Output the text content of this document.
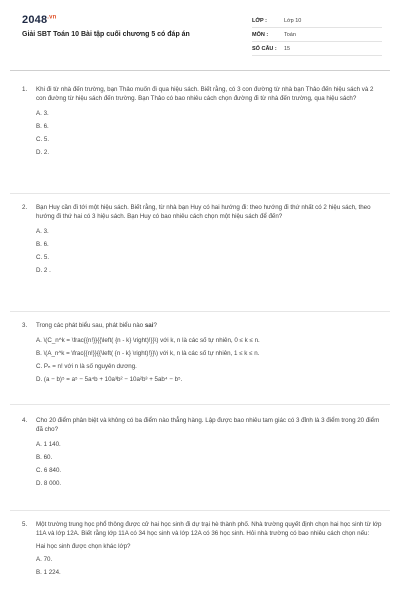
$2048^{.vn}$
Giải SBT Toán 10 Bài tập cuối chương 5 có đáp án
LỚP :	Lớp 10
MÔN :	Toán
SỐ CÂU :	15
1.	Khi đi từ nhà đến trường, bạn Thảo muốn đi qua hiệu sách. Biết rằng, có 3 con đường từ nhà bạn Thảo đến hiệu sách và 2 con đường từ hiệu sách đến trường. Bạn Thảo có bao nhiêu cách chọn đường đi từ nhà đến trường, qua hiệu sách?
A. 3.
B. 6.
C. 5.
D. 2.
2.	Bạn Huy cần đi tới một hiệu sách. Biết rằng, từ nhà bạn Huy có hai hướng đi: theo hướng đi thứ nhất có 2 hiệu sách, theo hướng đi thứ hai có 3 hiệu sách. Bạn Huy có bao nhiêu cách chọn một hiệu sách để đến?
A. 3.
B. 6.
C. 5.
D. 2 .
3.	Trong các phát biểu sau, phát biểu nào sai?
A. \(C_n^k = \frac{{n!}}{{\left( {n - k} \right)!}}\) với k, n là các số tự nhiên, 0 ≤ k ≤ n.
B. \(A_n^k = \frac{{n!}}{{\left( {n - k} \right)!}}\) với k, n là các số tự nhiên, 1 ≤ k ≤ n.
C. Pₙ = n! với n là số nguyên dương.
D. (a − b)⁵ = a⁵ − 5a⁴b + 10a³b² − 10a²b³ + 5ab⁴ − b⁵.
4.	Cho 20 điểm phân biệt và không có ba điểm nào thẳng hàng. Lập được bao nhiêu tam giác có 3 đỉnh là 3 điểm trong 20 điểm đã cho?
A. 1 140.
B. 60.
C. 6 840.
D. 8 000.
5.	Một trường trung học phổ thông được cử hai học sinh đi dự trại hè thành phố. Nhà trường quyết định chọn hai học sinh từ lớp 11A và lớp 12A. Biết rằng lớp 11A có 34 học sinh và lớp 12A có 36 học sinh. Hỏi nhà trường có bao nhiêu cách chọn nếu:
Hai học sinh được chọn khác lớp?
A. 70.
B. 1 224.
